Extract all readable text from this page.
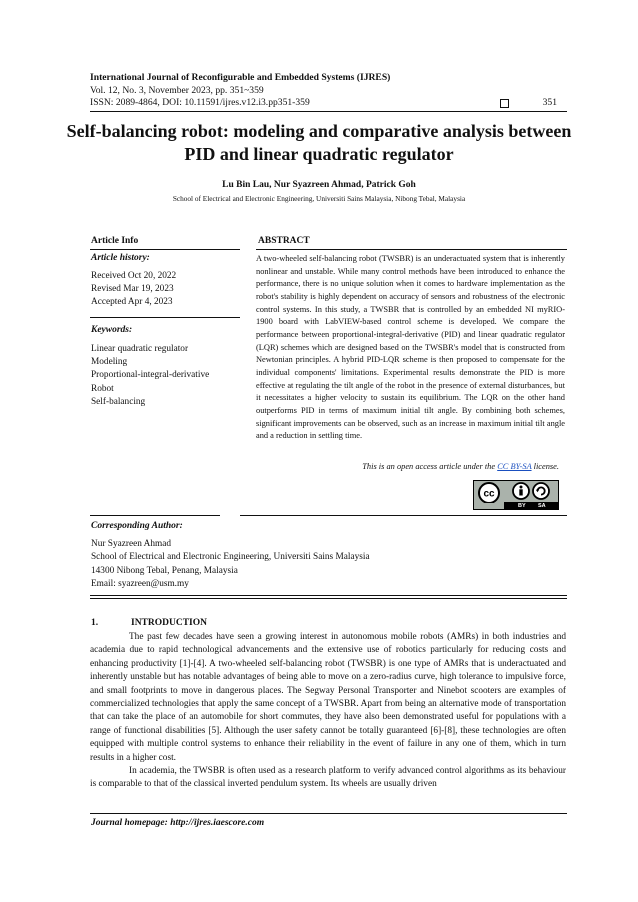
International Journal of Reconfigurable and Embedded Systems (IJRES)
Vol. 12, No. 3, November 2023, pp. 351~359
ISSN: 2089-4864, DOI: 10.11591/ijres.v12.i3.pp351-359	351
Self-balancing robot: modeling and comparative analysis between PID and linear quadratic regulator
Lu Bin Lau, Nur Syazreen Ahmad, Patrick Goh
School of Electrical and Electronic Engineering, Universiti Sains Malaysia, Nibong Tebal, Malaysia
Article Info	ABSTRACT
Article history:
Received Oct 20, 2022
Revised Mar 19, 2023
Accepted Apr 4, 2023
Keywords:
Linear quadratic regulator
Modeling
Proportional-integral-derivative
Robot
Self-balancing
A two-wheeled self-balancing robot (TWSBR) is an underactuated system that is inherently nonlinear and unstable. While many control methods have been introduced to enhance the performance, there is no unique solution when it comes to hardware implementation as the robot's stability is highly dependent on accuracy of sensors and robustness of the electronic control systems. In this study, a TWSBR that is controlled by an embedded NI myRIO-1900 board with LabVIEW-based control scheme is developed. We compare the performance between proportional-integral-derivative (PID) and linear quadratic regulator (LQR) schemes which are designed based on the TWSBR's model that is constructed from Newtonian principles. A hybrid PID-LQR scheme is then proposed to compensate for the individual components' limitations. Experimental results demonstrate the PID is more effective at regulating the tilt angle of the robot in the presence of external disturbances, but it necessitates a higher velocity to sustain its equilibrium. The LQR on the other hand outperforms PID in terms of maximum initial tilt angle. By combining both schemes, significant improvements can be observed, such as an increase in maximum initial tilt angle and a reduction in settling time.
This is an open access article under the CC BY-SA license.
cc
BY SA
Corresponding Author:
Nur Syazreen Ahmad
School of Electrical and Electronic Engineering, Universiti Sains Malaysia
14300 Nibong Tebal, Penang, Malaysia
Email: syazreen@usm.my
1.	INTRODUCTION
The past few decades have seen a growing interest in autonomous mobile robots (AMRs) in both industries and academia due to rapid technological advancements and the extensive use of robotics particularly for reducing costs and enhancing productivity [1]-[4]. A two-wheeled self-balancing robot (TWSBR) is one type of AMRs that is underactuated and inherently unstable but has notable advantages of being able to move on a zero-radius curve, high tolerance to impulsive force, and small footprints to move in dangerous places. The Segway Personal Transporter and Ninebot scooters are examples of commercialized technologies that apply the same concept of a TWSBR. Apart from being an alternative mode of transportation that can take the place of an automobile for short commutes, they have also been demonstrated useful for populations with a range of functional disabilities [5]. Although the user safety cannot be totally guaranteed [6]-[8], these technologies are often equipped with multiple control systems to enhance their reliability in the event of failure in any one of them, which in turn results in a higher cost.
In academia, the TWSBR is often used as a research platform to verify advanced control algorithms as its behaviour is comparable to that of the classical inverted pendulum system. Its wheels are usually driven
Journal homepage: http://ijres.iaescore.com
